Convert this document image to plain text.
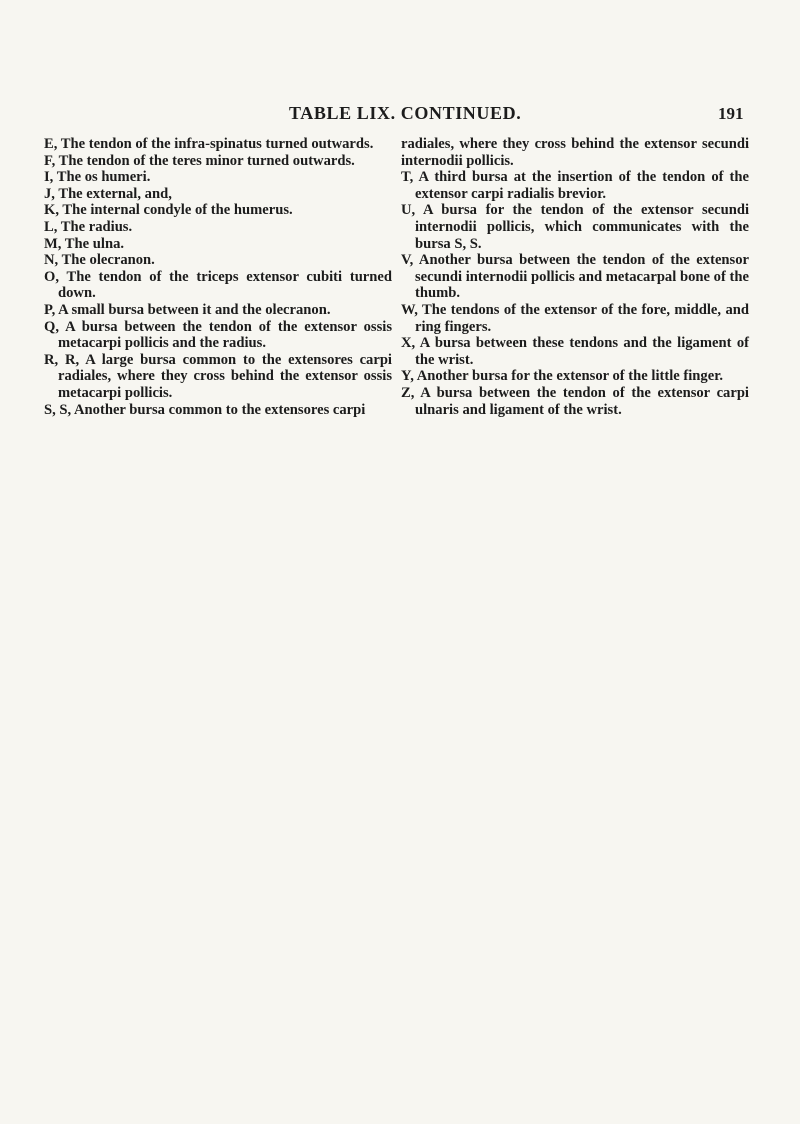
TABLE LIX. CONTINUED.	191

E, The tendon of the infra-spinatus turned outwards.

F, The tendon of the teres minor turned outwards.

I, The os humeri.

J, The external, and,

K, The internal condyle of the humerus.

L, The radius.

M, The ulna.

N, The olecranon.

O, The tendon of the triceps extensor cubiti turned down.

P, A small bursa between it and the olecranon.

Q, A bursa between the tendon of the extensor ossis metacarpi pollicis and the radius.

R, R, A large bursa common to the extensores carpi radiales, where they cross behind the extensor ossis metacarpi pollicis.

S, S, Another bursa common to the extensores carpi

radiales, where they cross behind the extensor secundi internodii pollicis.

T, A third bursa at the insertion of the tendon of the extensor carpi radialis brevior.

U, A bursa for the tendon of the extensor secundi internodii pollicis, which communicates with the bursa S, S.

V, Another bursa between the tendon of the extensor secundi internodii pollicis and metacarpal bone of the thumb.

W, The tendons of the extensor of the fore, middle, and ring fingers.

X, A bursa between these tendons and the ligament of the wrist.

Y, Another bursa for the extensor of the little finger.

Z, A bursa between the tendon of the extensor carpi ulnaris and ligament of the wrist.
